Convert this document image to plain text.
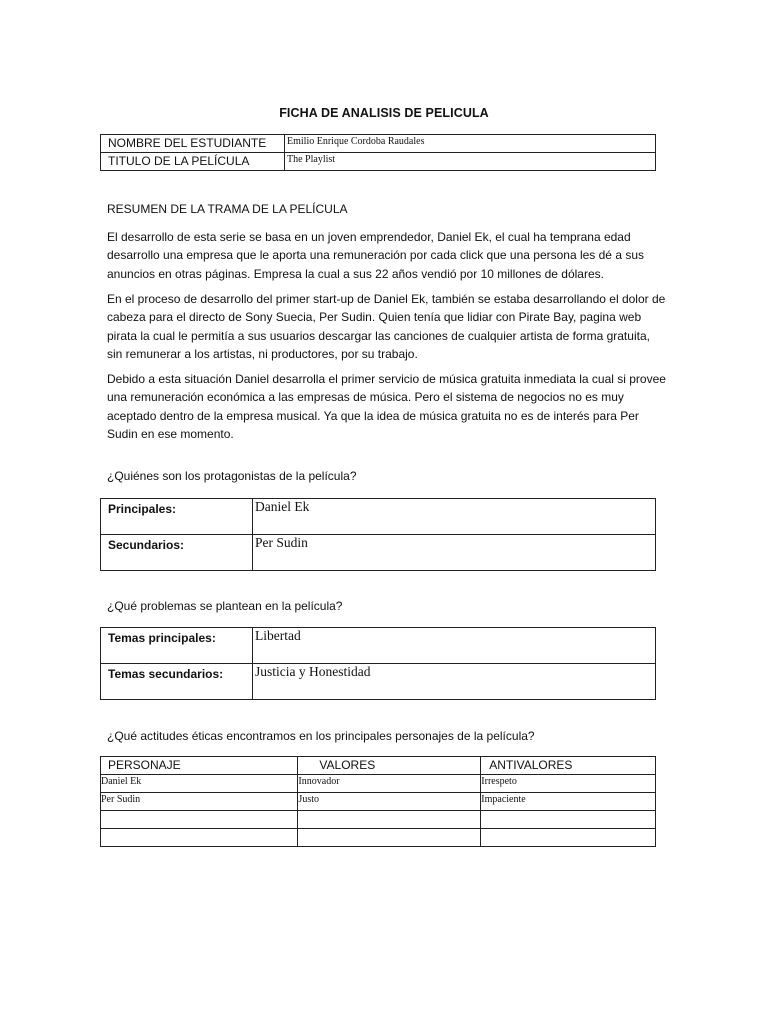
FICHA DE ANALISIS DE PELICULA
NOMBRE DEL ESTUDIANTE	Emilio Enrique Cordoba Raudales
TITULO DE LA PELÍCULA	The Playlist
RESUMEN DE LA TRAMA DE LA PELÍCULA
El desarrollo de esta serie se basa en un joven emprendedor, Daniel Ek, el cual ha temprana edad desarrollo una empresa que le aporta una remuneración por cada click que una persona les dé a sus anuncios en otras páginas. Empresa la cual a sus 22 años vendió por 10 millones de dólares.
En el proceso de desarrollo del primer start-up de Daniel Ek, también se estaba desarrollando el dolor de cabeza para el directo de Sony Suecia, Per Sudin. Quien tenía que lidiar con Pirate Bay, pagina web pirata la cual le permitía a sus usuarios descargar las canciones de cualquier artista de forma gratuita, sin remunerar a los artistas, ni productores, por su trabajo.
Debido a esta situación Daniel desarrolla el primer servicio de música gratuita inmediata la cual si provee una remuneración económica a las empresas de música. Pero el sistema de negocios no es muy aceptado dentro de la empresa musical. Ya que la idea de música gratuita no es de interés para Per Sudin en ese momento.
¿Quiénes son los protagonistas de la película?
Principales:	Daniel Ek
Secundarios:	Per Sudin
¿Qué problemas se plantean en la película?
Temas principales:	Libertad
Temas secundarios:	Justicia y Honestidad
¿Qué actitudes éticas encontramos en los principales personajes de la película?
PERSONAJE	VALORES	ANTIVALORES
Daniel Ek	Innovador	Irrespeto
Per Sudin	Justo	Impaciente
